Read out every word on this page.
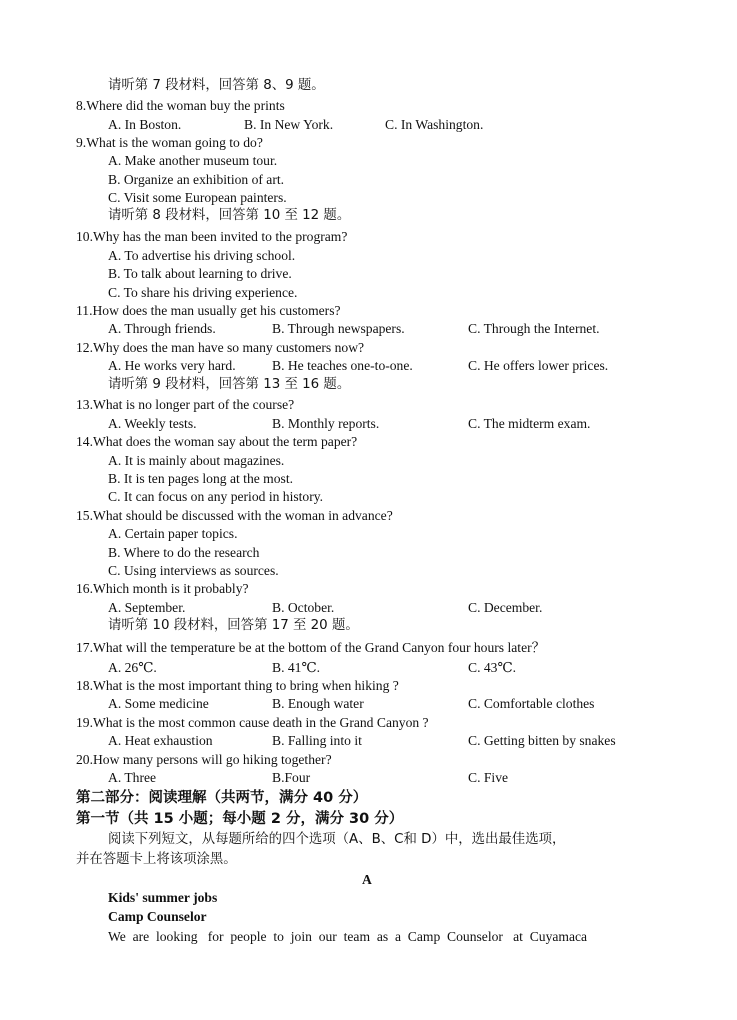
请听第 7 段材料，回答第 8、9 题。
8.Where did the woman buy the prints
A. In Boston.	B. In New York.	C. In Washington.
9.What is the woman going to do?
A. Make another museum tour.
B. Organize an exhibition of art.
C. Visit some European painters.
请听第 8 段材料，回答第 10 至 12 题。
10.Why has the man been invited to the program?
A. To advertise his driving school.
B. To talk about learning to drive.
C. To share his driving experience.
11.How does the man usually get his customers?
A. Through friends.	B. Through newspapers.	C. Through the Internet.
12.Why does the man have so many customers now?
A. He works very hard.	B. He teaches one-to-one.	C. He offers lower prices.
请听第 9 段材料，回答第 13 至 16 题。
13.What is no longer part of the course?
A. Weekly tests.	B. Monthly reports.	C. The midterm exam.
14.What does the woman say about the term paper?
A. It is mainly about magazines.
B. It is ten pages long at the most.
C. It can focus on any period in history.
15.What should be discussed with the woman in advance?
A. Certain paper topics.
B. Where to do the research
C. Using interviews as sources.
16.Which month is it probably?
A. September.	B. October.	C. December.
请听第 10 段材料，回答第 17 至 20 题。
17.What will the temperature be at the bottom of the Grand Canyon four hours later？
A. 26℃.	B. 41℃.	C. 43℃.
18.What is the most important thing to bring when hiking ?
A. Some medicine	B. Enough water	C. Comfortable clothes
19.What is the most common cause death in the Grand Canyon ?
A. Heat exhaustion	B. Falling into it	C. Getting bitten by snakes
20.How many persons will go hiking together?
A. Three	B.Four	C. Five
第二部分：阅读理解（共两节，满分 40 分）
第一节（共 15 小题；每小题 2 分，满分 30 分）
阅读下列短文，从每题所给的四个选项（A、B、C和 D）中，选出最佳选项，
并在答题卡上将该项涂黑。
A
Kids' summer jobs
Camp Counselor
We  are  looking   for  people  to  join  our  team  as  a  Camp  Counselor   at  Cuyamaca
